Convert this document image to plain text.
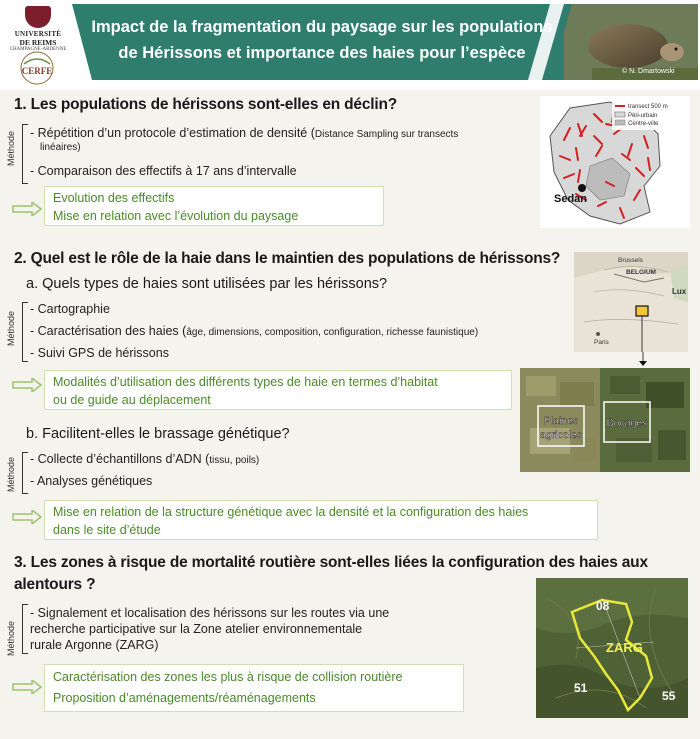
UNIVERSITÉ
DE REIMS
CHAMPAGNE-ARDENNE
CERFE
Impact de la fragmentation du paysage sur les populations
de Hérissons et importance des haies pour l’espèce
© N. Dmartowski
1. Les populations de hérissons sont-elles en déclin?
Méthode - Répétition d’un protocole d’estimation de densité (Distance Sampling sur transects
linéaires)
- Comparaison des effectifs à 17 ans d’intervalle
Evolution des effectifs
Mise en relation avec l’évolution du paysage
transect 500 m
Péri-urbain
Centre-ville
Sedan
2. Quel est le rôle de la haie dans le maintien des populations de hérissons?
a. Quels types de haies sont utilisées par les hérissons?
Méthode
- Cartographie
- Caractérisation des haies (âge, dimensions, composition, configuration, richesse faunistique)
- Suivi GPS de hérissons
Modalités d’utilisation des différents types de haie en termes d’habitat
ou de guide au déplacement
Brussels
BELGIUM
Lux
Paris
Plaines
agricoles
Bocages
b. Facilitent-elles le brassage génétique?
Méthode - Collecte d’échantillons d’ADN (tissu, poils)
- Analyses génétiques
Mise en relation de la structure génétique avec la densité et la configuration des haies
dans le site d’étude
3. Les zones à risque de mortalité routière sont-elles liées la configuration des haies aux
alentours ?
Méthode
- Signalement et localisation des hérissons sur les routes via une
recherche participative sur la Zone atelier environnementale
rurale Argonne (ZARG)
Caractérisation des zones les plus à risque de collision routière
Proposition d’aménagements/réaménagements
08
ZARG
51
55
